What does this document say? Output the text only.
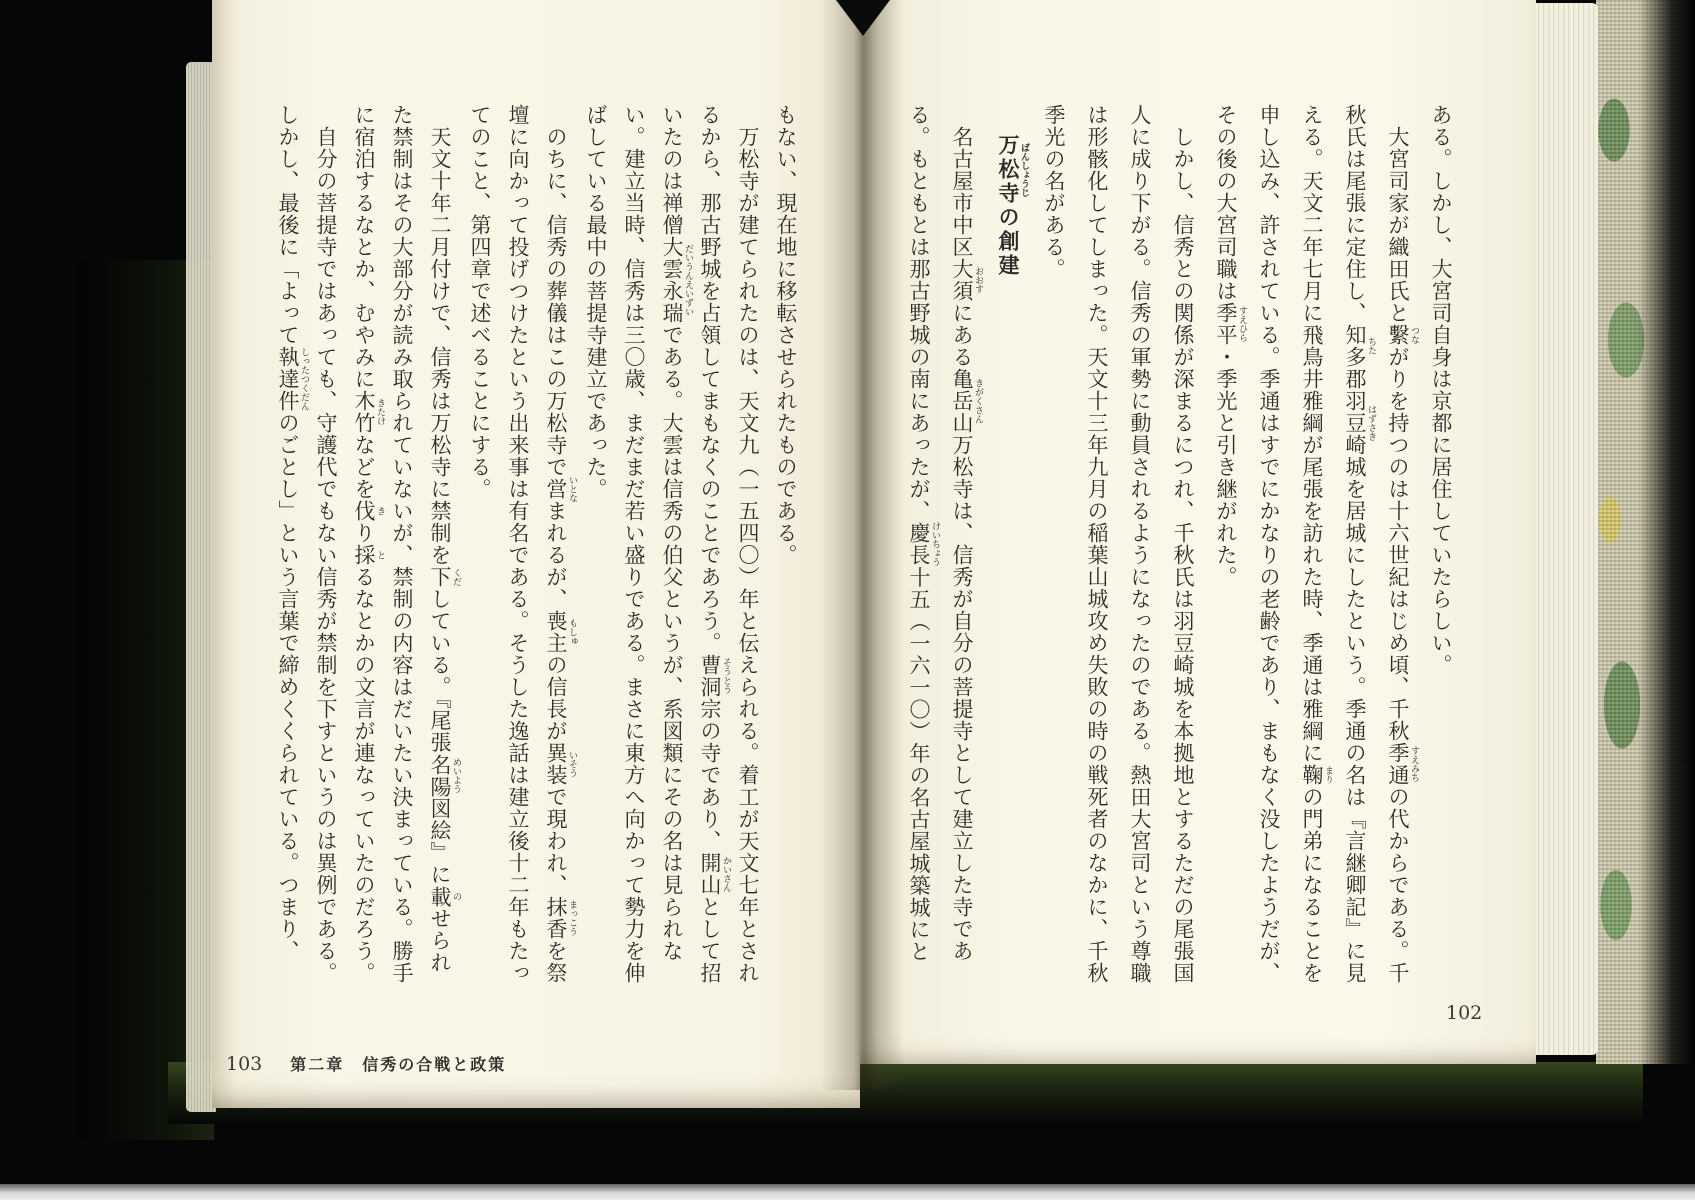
もない、現在地に移転させられたものである。

万松寺が建てられたのは、天文九（一五四〇）年と伝えられる。着工が天文七年とされるから、那古野城を占領してまもなくのことであろう。曹洞 そうとう宗の寺であり、開山 かいさんとして招いたのは禅僧大雲永瑞 だいうんえいずいである。大雲は信秀の伯父というが、系図類にその名は見られない。建立当時、信秀は三〇歳、まだまだ若い盛りである。まさに東方へ向かって勢力を伸ばしている最中の菩提寺建立であった。

のちに、信秀の葬儀はこの万松寺で営 いとなまれるが、喪主 もしゅの信長が異装 いそうで現われ、抹香 まっこうを祭壇に向かって投げつけたという出来事は有名である。そうした逸話は建立後十二年もたってのこと、第四章で述べることにする。

天文十年二月付けで、信秀は万松寺に禁制を下 くだしている。『尾張名陽 めいよう図絵』に載 のせられた禁制はその大部分が読み取られていないが、禁制の内容はだいたい決まっている。勝手に宿泊するなとか、むやみに木竹 きたけなどを伐 きり採 とるなとかの文言が連なっていたのだろう。

自分の菩提寺ではあっても、守護代でもない信秀が禁制を下すというのは異例である。しかし、最後に「よって執達件 しったつくだんのごとし」という言葉で締めくくられている。つまり、

103 第二章　信秀の合戦と政策

ある。しかし、大宮司自身は京都に居住していたらしい。

大宮司家が織田氏と繫 つながりを持つのは十六世紀はじめ頃、千秋季通 すえみちの代からである。千秋氏は尾張に定住し、知多 ちた郡羽豆崎 はずさき城を居城にしたという。季通の名は『言継卿記』に見える。天文二年七月に飛鳥井雅綱が尾張を訪れた時、季通は雅綱に鞠 まりの門弟になることを申し込み、許されている。季通はすでにかなりの老齢であり、まもなく没したようだが、その後の大宮司職は季平 すえひら・季光と引き継がれた。

しかし、信秀との関係が深まるにつれ、千秋氏は羽豆崎城を本拠地とするただの尾張国人に成り下がる。信秀の軍勢に動員されるようになったのである。熱田大宮司という尊職は形骸化してしまった。天文十三年九月の稲葉山城攻め失敗の時の戦死者のなかに、千秋季光の名がある。

万松寺 ばんしょうじの創建

名古屋市中区大須 おおすにある亀岳山 きがくさん万松寺は、信秀が自分の菩提寺として建立した寺である。もともとは那古野城の南にあったが、慶長 けいちょう十五（一六一〇）年の名古屋城築城にと

102
